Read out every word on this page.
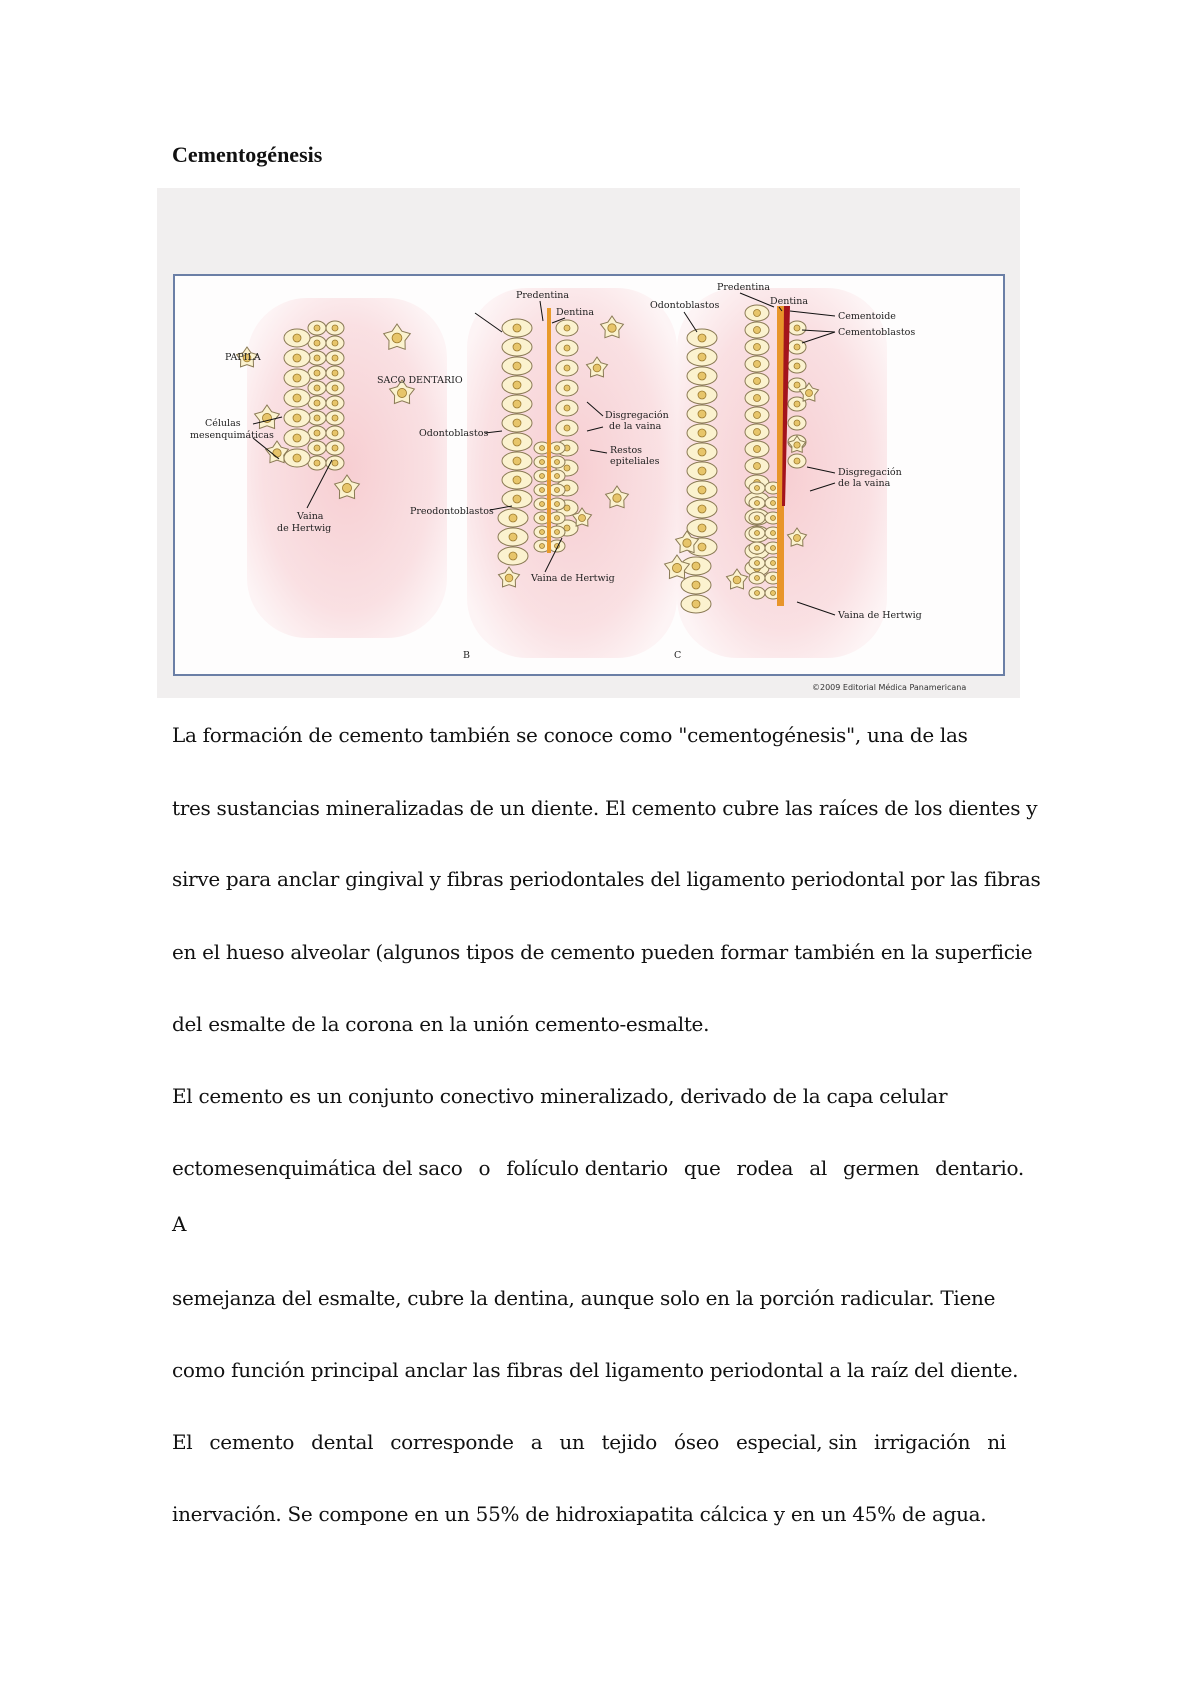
Cementogénesis
PAPILA
SACO DENTARIO
Células
mesenquimáticas
Vaina
de Hertwig
Predentina
Dentina
Disgregación
de la vaina
Odontoblastos
Restos
epiteliales
Preodontoblastos
Vaina de Hertwig
Predentina
Dentina
Odontoblastos
Cementoide
Cementoblastos
Disgregación
de la vaina
Vaina de Hertwig
B	C
©2009 Editorial Médica Panamericana

La formación de cemento también se conoce como "cementogénesis", una de las

tres sustancias mineralizadas de un diente. El cemento cubre las raíces de los dientes y

sirve para anclar gingival y fibras periodontales del ligamento periodontal por las fibras

en el hueso alveolar (algunos tipos de cemento pueden formar también en la superficie

del esmalte de la corona en la unión cemento-esmalte.

El cemento es un conjunto conectivo mineralizado, derivado de la capa celular

ectomesenquimática del saco o folículo dentario que rodea al germen dentario.

A

semejanza del esmalte, cubre la dentina, aunque solo en la porción radicular. Tiene

como función principal anclar las fibras del ligamento periodontal a la raíz del diente.

El cemento dental corresponde a un tejido óseo especial, sin irrigación ni

inervación. Se compone en un 55% de hidroxiapatita cálcica y en un 45% de agua.
